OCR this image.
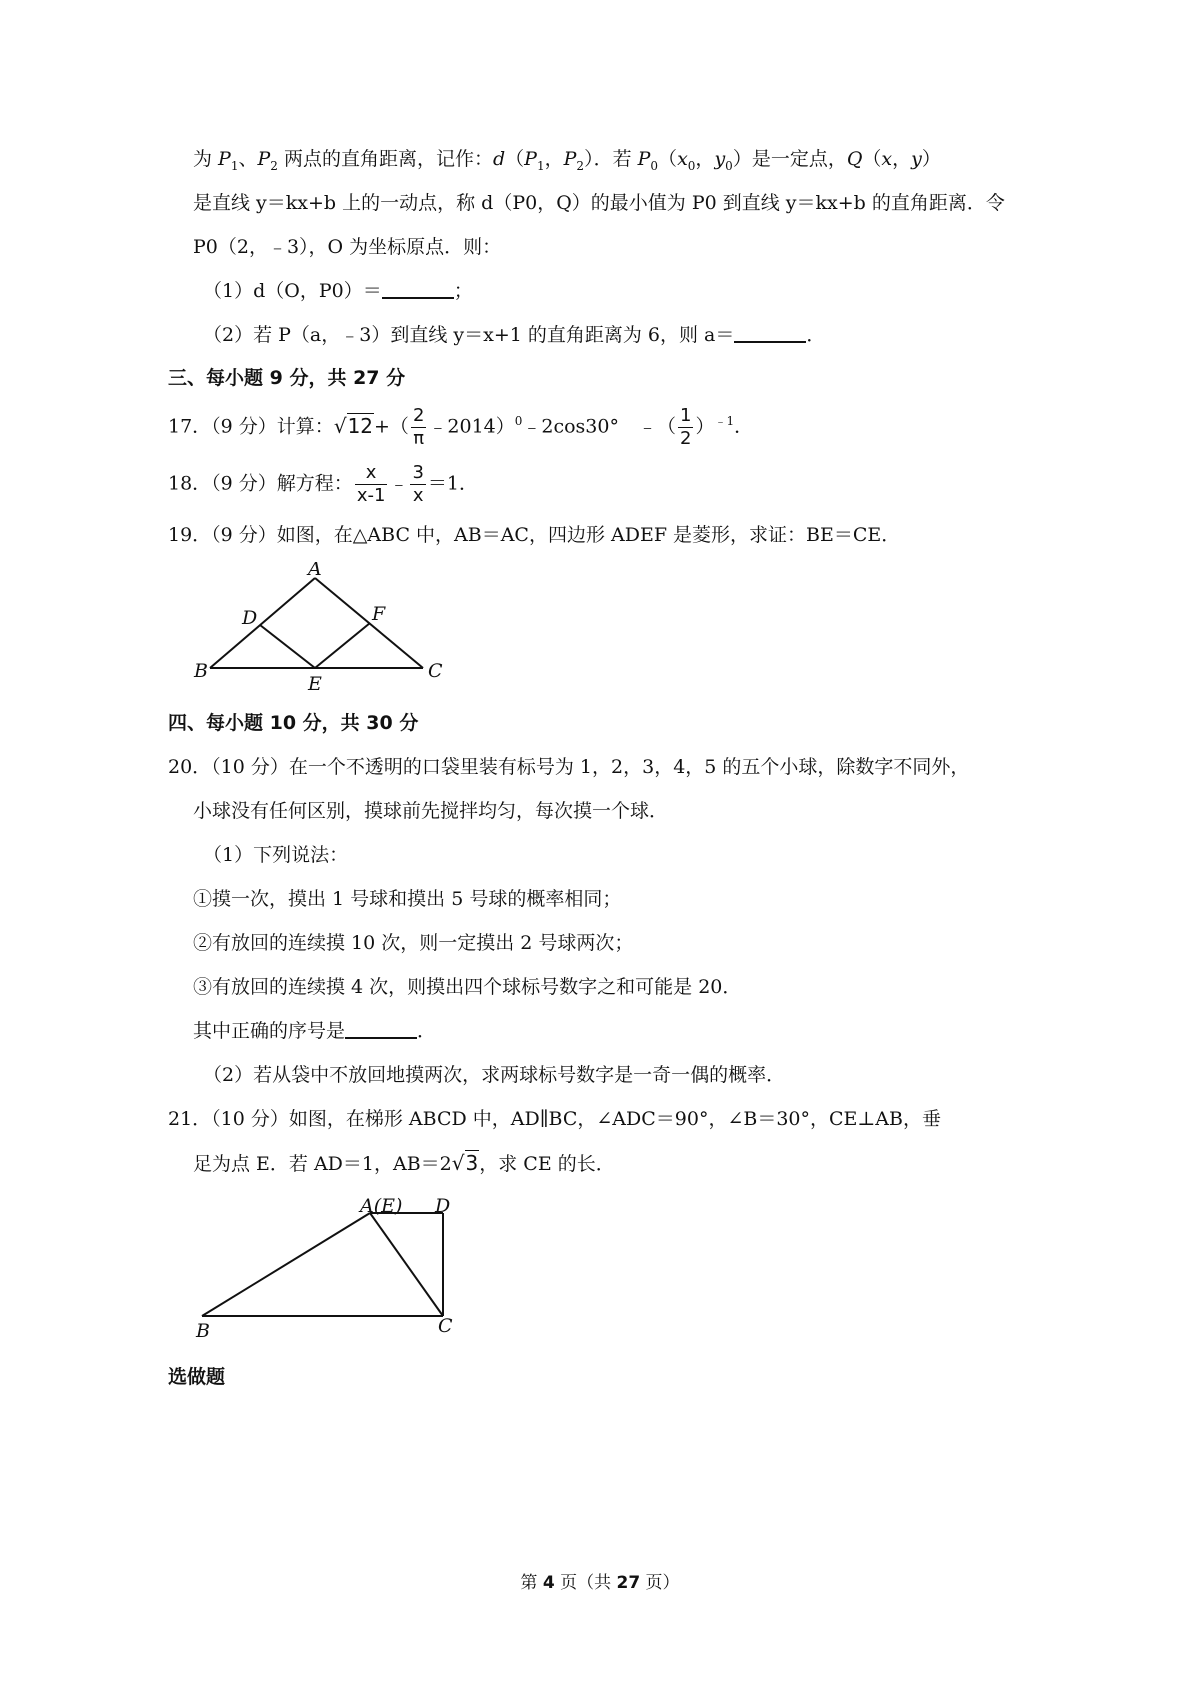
为 $P_1$、$P_2$ 两点的直角距离，记作：$d(P_1$，$P_2$）．若 $P_0(x_0$，$y_0$）是一定点，Q（x，y）
是直线 y＝kx+b 上的一动点，称 d（P0，Q）的最小值为 P0 到直线 y＝kx+b 的直角距离．令
P0（2，﹣3），O 为坐标原点．则：
（1）d（O，P0）＝	；
（2）若 P（a，﹣3）到直线 y＝x+1 的直角距离为 6，则 a＝	．
三、每小题 9 分，共 27 分
17．（9 分）计算：$√12+( \frac{2}{\pi}$ ﹣2014）$^0$﹣2cos30°　﹣（ $\frac{1}{2} )^{﹣1}$．
18．（9 分）解方程： $\frac{x}{x-1}$ ﹣ $\frac{3}{x} =1$．
19．（9 分）如图，在△ABC 中，AB＝AC，四边形 ADEF 是菱形，求证：BE＝CE．
A
D	F
B
E
C
四、每小题 10 分，共 30 分
20．（10 分）在一个不透明的口袋里装有标号为 1，2，3，4，5 的五个小球，除数字不同外，
小球没有任何区别，摸球前先搅拌均匀，每次摸一个球．
（1）下列说法：
①摸一次，摸出 1 号球和摸出 5 号球的概率相同；
②有放回的连续摸 10 次，则一定摸出 2 号球两次；
③有放回的连续摸 4 次，则摸出四个球标号数字之和可能是 20．
其中正确的序号是	．
（2）若从袋中不放回地摸两次，求两球标号数字是一奇一偶的概率．
21．（10 分）如图，在梯形 ABCD 中，AD∥BC，∠ADC＝90°，∠B＝30°，CE⊥AB，垂
足为点 E．若 AD＝1，AB＝2√3，求 CE 的长．
A(E) D
B	C
选做题
第 4 页（共 27 页）
